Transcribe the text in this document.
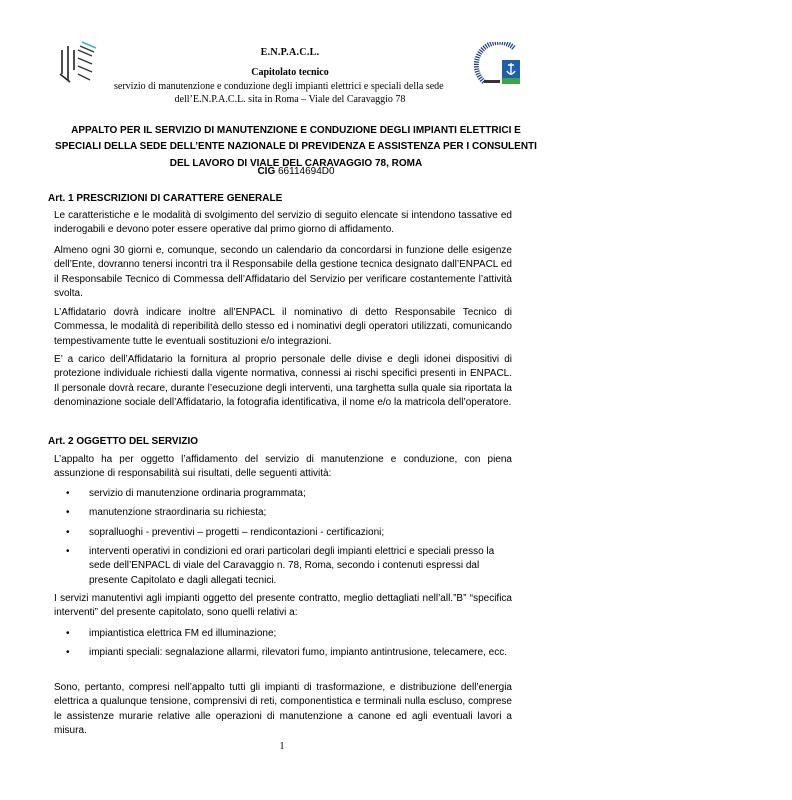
E.N.P.A.C.L.
Capitolato tecnico
servizio di manutenzione e conduzione degli impianti elettrici e speciali della sede
dell’E.N.P.A.C.L. sita in Roma – Viale del Caravaggio 78
APPALTO PER IL SERVIZIO DI MANUTENZIONE E CONDUZIONE DEGLI IMPIANTI ELETTRICI E
SPECIALI DELLA SEDE DELL’ENTE NAZIONALE DI PREVIDENZA E ASSISTENZA PER I CONSULENTI
DEL LAVORO DI VIALE DEL CARAVAGGIO 78, ROMA
CIG 66114694D0
Art. 1 PRESCRIZIONI DI CARATTERE GENERALE
Le caratteristiche e le modalità di svolgimento del servizio di seguito elencate si intendono tassative ed inderogabili e devono poter essere operative dal primo giorno di affidamento.
Almeno ogni 30 giorni e, comunque, secondo un calendario da concordarsi in funzione delle esigenze dell’Ente, dovranno tenersi incontri tra il Responsabile della gestione tecnica designato dall’ENPACL ed il Responsabile Tecnico di Commessa dell’Affidatario del Servizio per verificare costantemente l’attività svolta.
L’Affidatario dovrà indicare inoltre all’ENPACL il nominativo di detto Responsabile Tecnico di Commessa, le modalità di reperibilità dello stesso ed i nominativi degli operatori utilizzati, comunicando tempestivamente tutte le eventuali sostituzioni e/o integrazioni.
E’ a carico dell’Affidatario la fornitura al proprio personale delle divise e degli idonei dispositivi di protezione individuale richiesti dalla vigente normativa, connessi ai rischi specifici presenti in ENPACL. Il personale dovrà recare, durante l’esecuzione degli interventi, una targhetta sulla quale sia riportata la denominazione sociale dell’Affidatario, la fotografia identificativa, il nome e/o la matricola dell’operatore.
Art. 2 OGGETTO DEL SERVIZIO
L’appalto ha per oggetto l’affidamento del servizio di manutenzione e conduzione, con piena assunzione di responsabilità sui risultati, delle seguenti attività:
•	servizio di manutenzione ordinaria programmata;
•	manutenzione straordinaria su richiesta;
•	sopralluoghi - preventivi – progetti – rendicontazioni - certificazioni;
•	interventi operativi in condizioni ed orari particolari degli impianti elettrici e speciali presso la sede dell’ENPACL di viale del Caravaggio n. 78, Roma, secondo i contenuti espressi dal presente Capitolato e dagli allegati tecnici.
I servizi manutentivi agli impianti oggetto del presente contratto, meglio dettagliati nell’all.”B” “specifica interventi” del presente capitolato, sono quelli relativi a:
•	impiantistica elettrica FM ed illuminazione;
•	impianti speciali: segnalazione allarmi, rilevatori fumo, impianto antintrusione, telecamere, ecc.
Sono, pertanto, compresi nell’appalto tutti gli impianti di trasformazione, e distribuzione dell’energia elettrica a qualunque tensione, comprensivi di reti, componentistica e terminali nulla escluso, comprese le assistenze murarie relative alle operazioni di manutenzione a canone ed agli eventuali lavori a misura.
1
